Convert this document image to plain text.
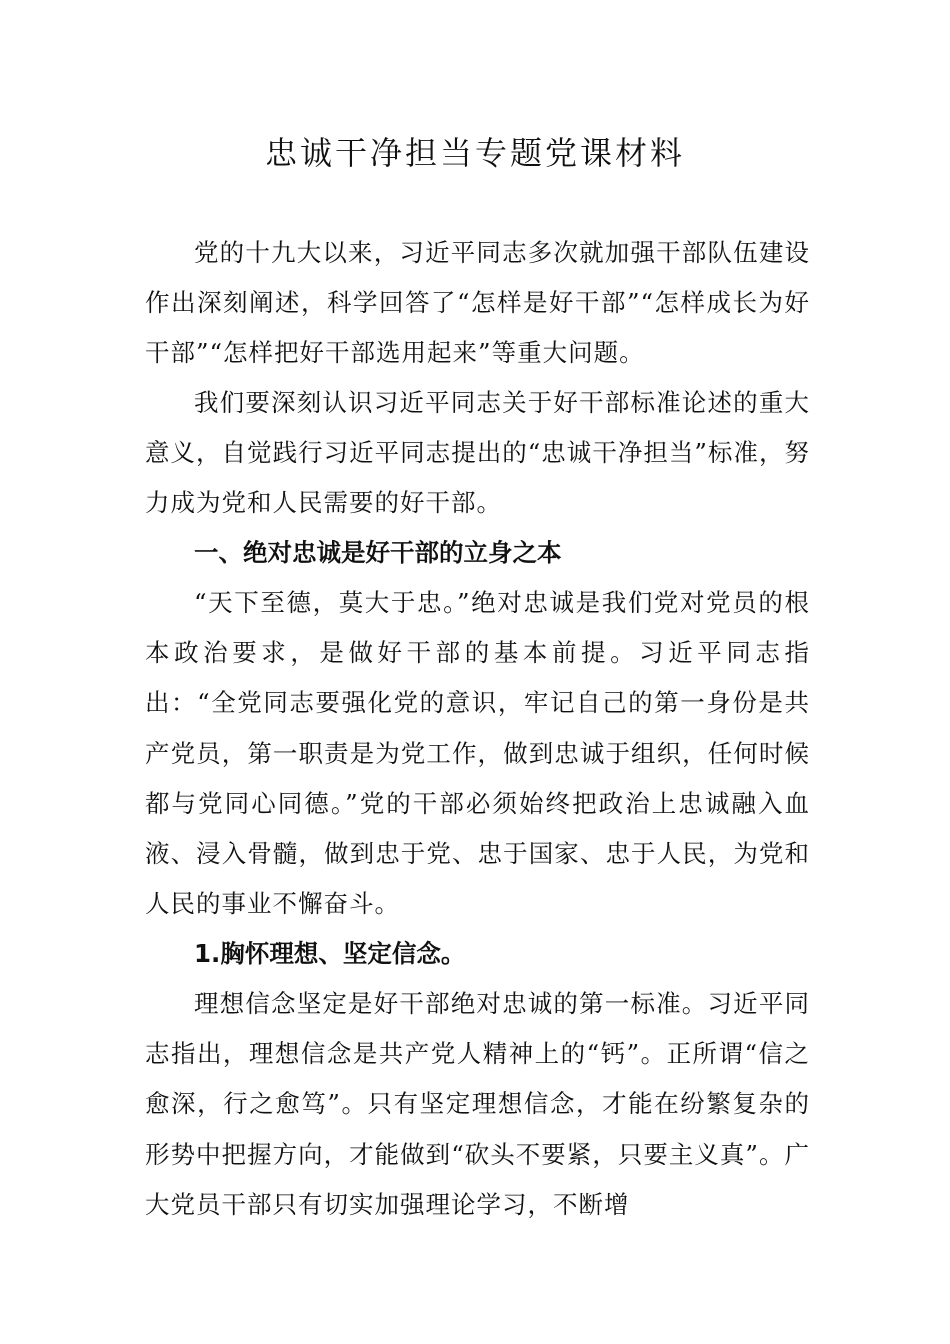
忠诚干净担当专题党课材料

党的十九大以来，习近平同志多次就加强干部队伍建设作出深刻阐述，科学回答了“怎样是好干部”“怎样成长为好干部”“怎样把好干部选用起来”等重大问题。

我们要深刻认识习近平同志关于好干部标准论述的重大意义，自觉践行习近平同志提出的“忠诚干净担当”标准，努力成为党和人民需要的好干部。

一、绝对忠诚是好干部的立身之本

“天下至德，莫大于忠。”绝对忠诚是我们党对党员的根本政治要求，是做好干部的基本前提。习近平同志指出：“全党同志要强化党的意识，牢记自己的第一身份是共产党员，第一职责是为党工作，做到忠诚于组织，任何时候都与党同心同德。”党的干部必须始终把政治上忠诚融入血液、浸入骨髓，做到忠于党、忠于国家、忠于人民，为党和人民的事业不懈奋斗。

1.胸怀理想、坚定信念。

理想信念坚定是好干部绝对忠诚的第一标准。习近平同志指出，理想信念是共产党人精神上的“钙”。正所谓“信之愈深，行之愈笃”。只有坚定理想信念，才能在纷繁复杂的形势中把握方向，才能做到“砍头不要紧，只要主义真”。广大党员干部只有切实加强理论学习，不断增
